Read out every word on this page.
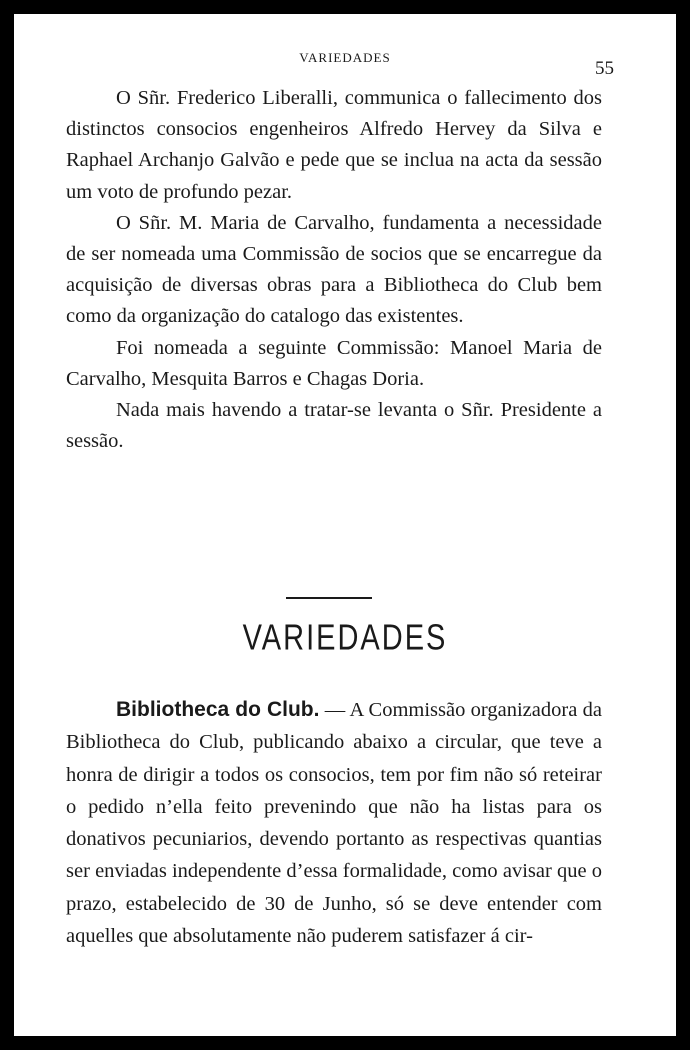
VARIEDADES
55

O Sñr. Frederico Liberalli, communica o fallecimento dos distinctos consocios engenheiros Alfredo Hervey da Silva e Raphael Archanjo Galvão e pede que se inclua na acta da sessão um voto de profundo pezar.

O Sñr. M. Maria de Carvalho, fundamenta a necessidade de ser nomeada uma Commissão de socios que se encarregue da acquisição de diversas obras para a Bibliotheca do Club bem como da organização do catalogo das existentes.

Foi nomeada a seguinte Commissão: Manoel Maria de Carvalho, Mesquita Barros e Chagas Doria.

Nada mais havendo a tratar-se levanta o Sñr. Presidente a sessão.

VARIEDADES

Bibliotheca do Club. — A Commissão organizadora da Bibliotheca do Club, publicando abaixo a circular, que teve a honra de dirigir a todos os consocios, tem por fim não só reteirar o pedido n’ella feito prevenindo que não ha listas para os donativos pecuniarios, devendo portanto as respectivas quantias ser enviadas independente d’essa formalidade, como avisar que o prazo, estabelecido de 30 de Junho, só se deve entender com aquelles que absolutamente não puderem satisfazer á cir-
